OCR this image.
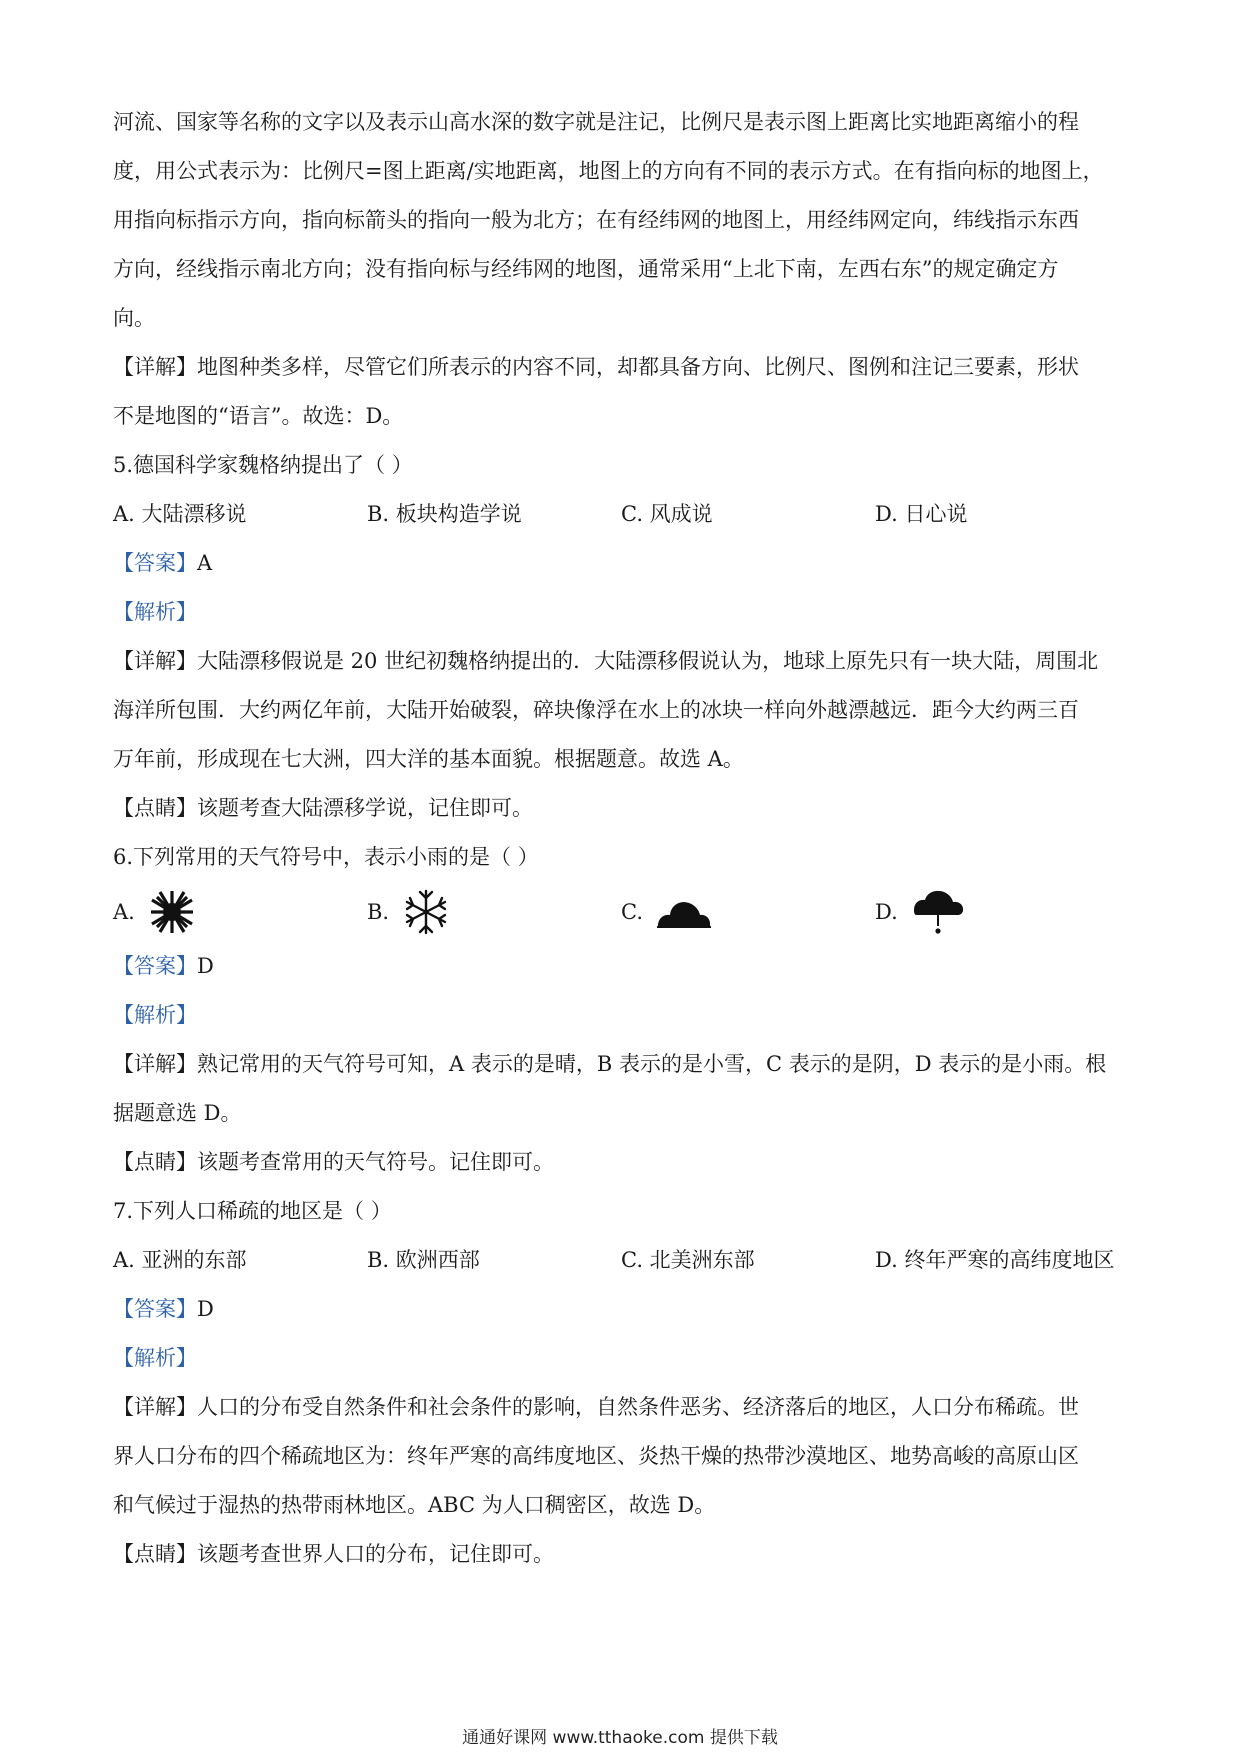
河流、国家等名称的文字以及表示山高水深的数字就是注记，比例尺是表示图上距离比实地距离缩小的程
度，用公式表示为：比例尺=图上距离/实地距离，地图上的方向有不同的表示方式。在有指向标的地图上，
用指向标指示方向，指向标箭头的指向一般为北方；在有经纬网的地图上，用经纬网定向，纬线指示东西
方向，经线指示南北方向；没有指向标与经纬网的地图，通常采用“上北下南，左西右东”的规定确定方
向。
【详解】地图种类多样，尽管它们所表示的内容不同，却都具备方向、比例尺、图例和注记三要素，形状
不是地图的“语言”。故选：D。
5.德国科学家魏格纳提出了（ ）
A. 大陆漂移说	B. 板块构造学说	C. 风成说	D. 日心说
【答案】A
【解析】
【详解】大陆漂移假说是 20 世纪初魏格纳提出的．大陆漂移假说认为，地球上原先只有一块大陆，周围北
海洋所包围．大约两亿年前，大陆开始破裂，碎块像浮在水上的冰块一样向外越漂越远．距今大约两三百
万年前，形成现在七大洲，四大洋的基本面貌。根据题意。故选 A。
【点睛】该题考查大陆漂移学说，记住即可。
6.下列常用的天气符号中，表示小雨的是（ ）
A.	B.	C.	D.
【答案】D
【解析】
【详解】熟记常用的天气符号可知，A 表示的是晴，B 表示的是小雪，C 表示的是阴，D 表示的是小雨。根
据题意选 D。
【点睛】该题考查常用的天气符号。记住即可。
7.下列人口稀疏的地区是（ ）
A. 亚洲的东部	B. 欧洲西部	C. 北美洲东部	D. 终年严寒的高纬度地区
【答案】D
【解析】
【详解】人口的分布受自然条件和社会条件的影响，自然条件恶劣、经济落后的地区，人口分布稀疏。世
界人口分布的四个稀疏地区为：终年严寒的高纬度地区、炎热干燥的热带沙漠地区、地势高峻的高原山区
和气候过于湿热的热带雨林地区。ABC 为人口稠密区，故选 D。
【点睛】该题考查世界人口的分布，记住即可。
通通好课网 www.tthaoke.com 提供下载
